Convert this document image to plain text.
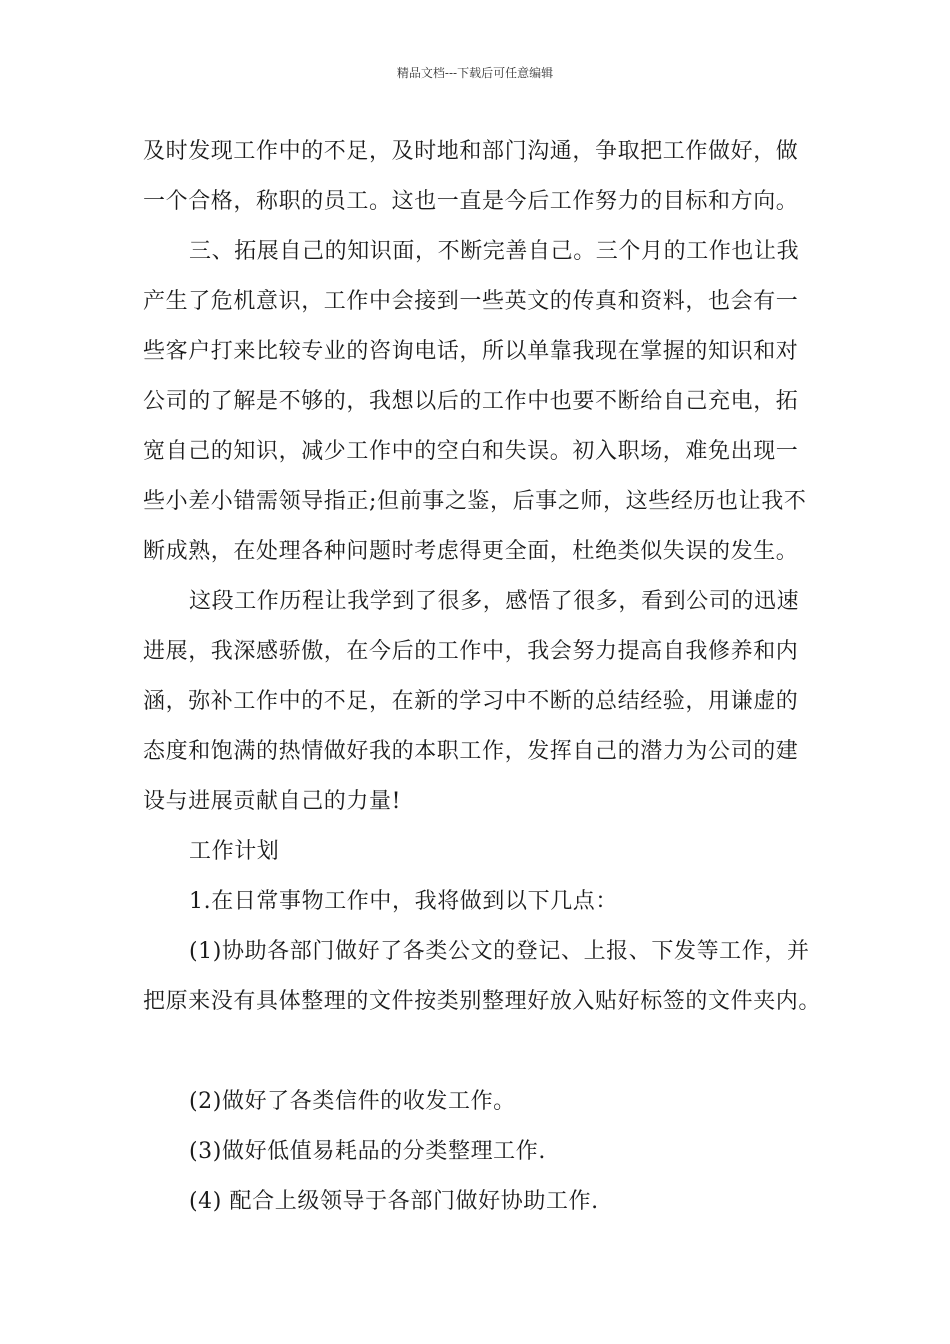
精品文档---下载后可任意编辑
及时发现工作中的不足，及时地和部门沟通，争取把工作做好，做
一个合格，称职的员工。这也一直是今后工作努力的目标和方向。
三、拓展自己的知识面，不断完善自己。三个月的工作也让我
产生了危机意识，工作中会接到一些英文的传真和资料，也会有一
些客户打来比较专业的咨询电话，所以单靠我现在掌握的知识和对
公司的了解是不够的，我想以后的工作中也要不断给自己充电，拓
宽自己的知识，减少工作中的空白和失误。初入职场，难免出现一
些小差小错需领导指正;但前事之鉴，后事之师，这些经历也让我不
断成熟，在处理各种问题时考虑得更全面，杜绝类似失误的发生。
这段工作历程让我学到了很多，感悟了很多，看到公司的迅速
进展，我深感骄傲，在今后的工作中，我会努力提高自我修养和内
涵，弥补工作中的不足，在新的学习中不断的总结经验，用谦虚的
态度和饱满的热情做好我的本职工作，发挥自己的潜力为公司的建
设与进展贡献自己的力量!
工作计划
1.在日常事物工作中，我将做到以下几点：
(1)协助各部门做好了各类公文的登记、上报、下发等工作，并
把原来没有具体整理的文件按类别整理好放入贴好标签的文件夹内。
(2)做好了各类信件的收发工作。
(3)做好低值易耗品的分类整理工作.
(4) 配合上级领导于各部门做好协助工作.
